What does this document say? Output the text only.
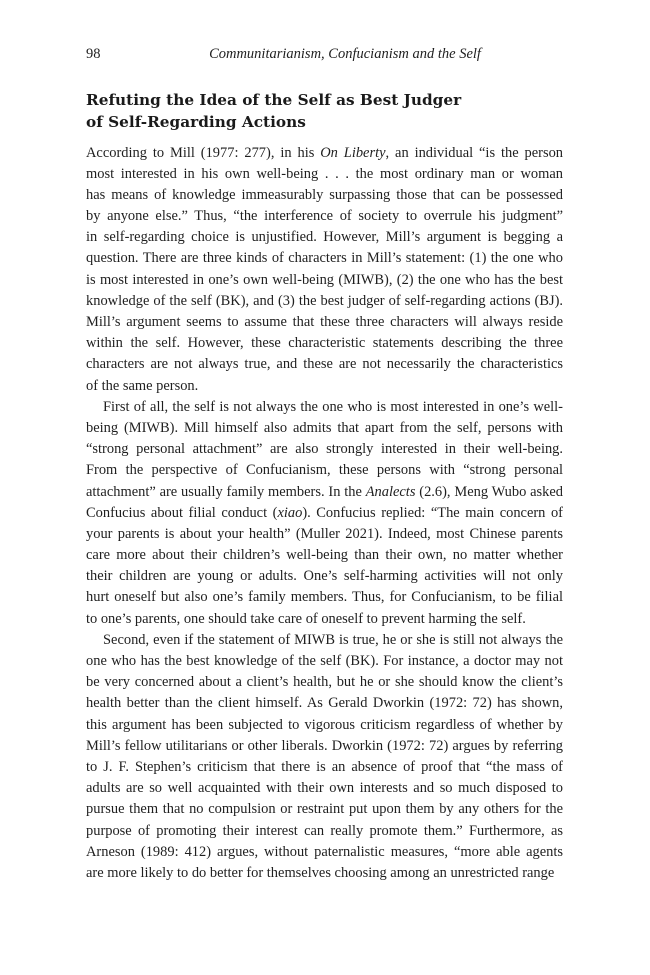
98	Communitarianism, Confucianism and the Self
Refuting the Idea of the Self as Best Judger
of Self-Regarding Actions
According to Mill (1977: 277), in his On Liberty, an individual “is the person
most interested in his own well-being . . . the most ordinary man or woman
has means of knowledge immeasurably surpassing those that can be possessed
by anyone else.” Thus, “the interference of society to overrule his judgment”
in self-regarding choice is unjustified. However, Mill’s argument is begging a
question. There are three kinds of characters in Mill’s statement: (1) the one who
is most interested in one’s own well-being (MIWB), (2) the one who has the best
knowledge of the self (BK), and (3) the best judger of self-regarding actions (BJ).
Mill’s argument seems to assume that these three characters will always reside
within the self. However, these characteristic statements describing the three
characters are not always true, and these are not necessarily the characteristics
of the same person.
First of all, the self is not always the one who is most interested in one’s well-
being (MIWB). Mill himself also admits that apart from the self, persons with
“strong personal attachment” are also strongly interested in their well-being.
From the perspective of Confucianism, these persons with “strong personal
attachment” are usually family members. In the Analects (2.6), Meng Wubo asked
Confucius about filial conduct (xiao). Confucius replied: “The main concern of
your parents is about your health” (Muller 2021). Indeed, most Chinese parents
care more about their children’s well-being than their own, no matter whether
their children are young or adults. One’s self-harming activities will not only
hurt oneself but also one’s family members. Thus, for Confucianism, to be filial
to one’s parents, one should take care of oneself to prevent harming the self.
Second, even if the statement of MIWB is true, he or she is still not always the
one who has the best knowledge of the self (BK). For instance, a doctor may not
be very concerned about a client’s health, but he or she should know the client’s
health better than the client himself. As Gerald Dworkin (1972: 72) has shown,
this argument has been subjected to vigorous criticism regardless of whether by
Mill’s fellow utilitarians or other liberals. Dworkin (1972: 72) argues by referring
to J. F. Stephen’s criticism that there is an absence of proof that “the mass of
adults are so well acquainted with their own interests and so much disposed to
pursue them that no compulsion or restraint put upon them by any others for the
purpose of promoting their interest can really promote them.” Furthermore, as
Arneson (1989: 412) argues, without paternalistic measures, “more able agents
are more likely to do better for themselves choosing among an unrestricted range
